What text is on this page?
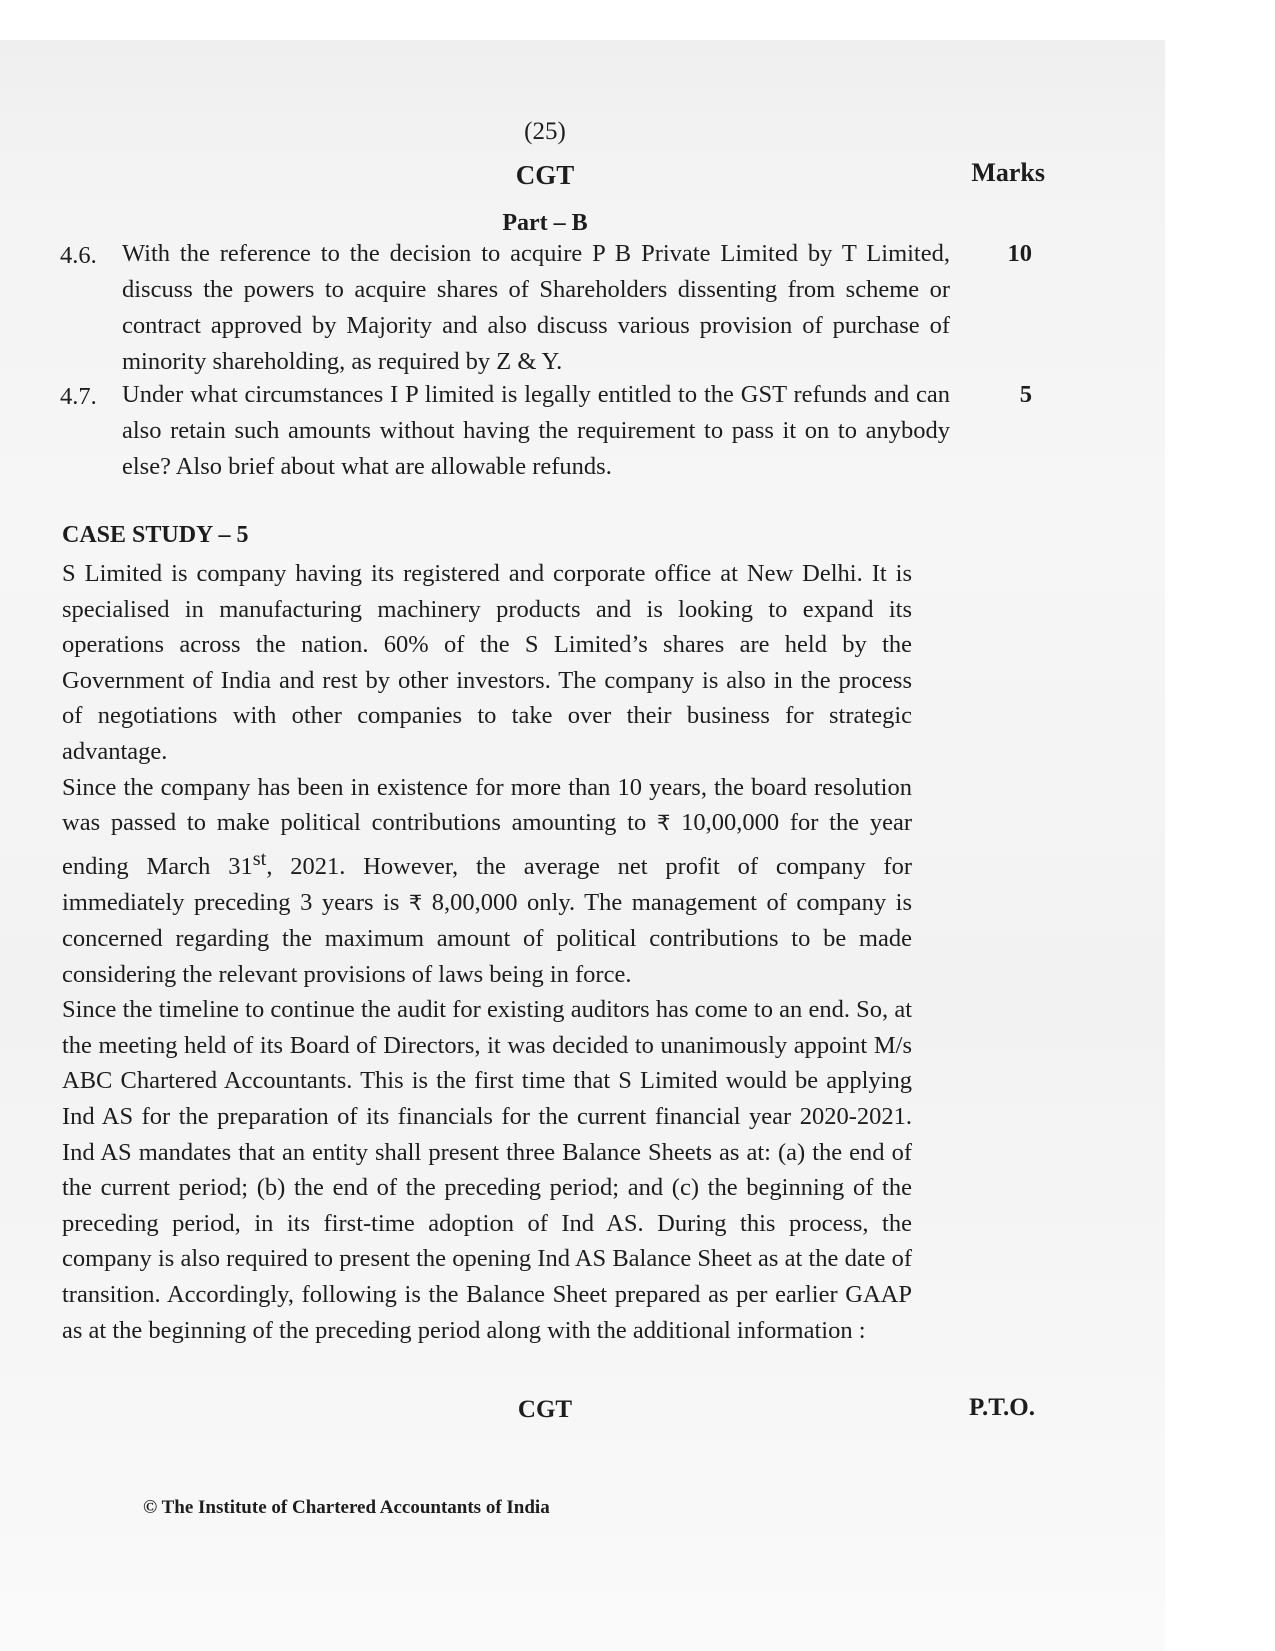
(25)
CGT	Marks
Part – B
4.6. With the reference to the decision to acquire P B Private Limited by T Limited, discuss the powers to acquire shares of Shareholders dissenting from scheme or contract approved by Majority and also discuss various provision of purchase of minority shareholding, as required by Z & Y.
10
4.7. Under what circumstances I P limited is legally entitled to the GST refunds and can also retain such amounts without having the requirement to pass it on to anybody else? Also brief about what are allowable refunds.
5
CASE STUDY – 5

S Limited is company having its registered and corporate office at New Delhi. It is specialised in manufacturing machinery products and is looking to expand its operations across the nation. 60% of the S Limited’s shares are held by the Government of India and rest by other investors. The company is also in the process of negotiations with other companies to take over their business for strategic advantage.

Since the company has been in existence for more than 10 years, the board resolution was passed to make political contributions amounting to ₹ 10,00,000 for the year ending March 31st, 2021. However, the average net profit of company for immediately preceding 3 years is ₹ 8,00,000 only. The management of company is concerned regarding the maximum amount of political contributions to be made considering the relevant provisions of laws being in force.

Since the timeline to continue the audit for existing auditors has come to an end. So, at the meeting held of its Board of Directors, it was decided to unanimously appoint M/s ABC Chartered Accountants. This is the first time that S Limited would be applying Ind AS for the preparation of its financials for the current financial year 2020-2021. Ind AS mandates that an entity shall present three Balance Sheets as at: (a) the end of the current period; (b) the end of the preceding period; and (c) the beginning of the preceding period, in its first-time adoption of Ind AS. During this process, the company is also required to present the opening Ind AS Balance Sheet as at the date of transition. Accordingly, following is the Balance Sheet prepared as per earlier GAAP as at the beginning of the preceding period along with the additional information :

CGT	P.T.O.
© The Institute of Chartered Accountants of India
